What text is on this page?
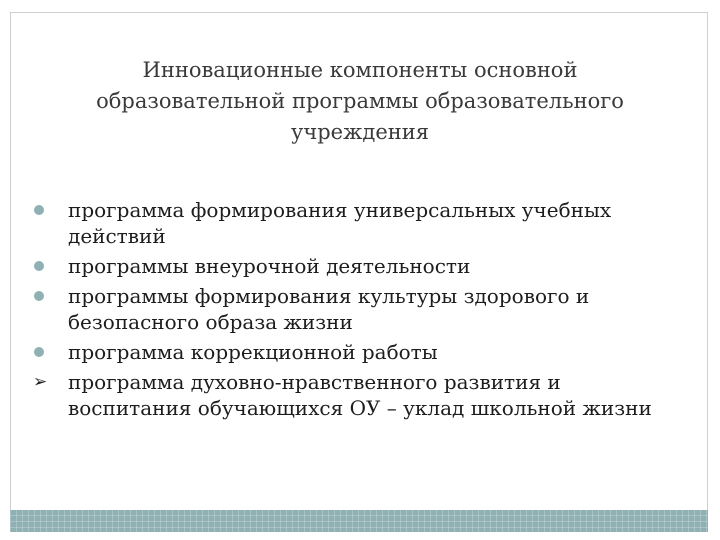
Инновационные компоненты основной
образовательной программы образовательного
учреждения
программа формирования универсальных учебных действий
программы внеурочной деятельности
программы формирования культуры здорового и безопасного образа жизни
программа коррекционной работы
➢ программа духовно-нравственного развития и воспитания обучающихся ОУ – уклад школьной жизни
